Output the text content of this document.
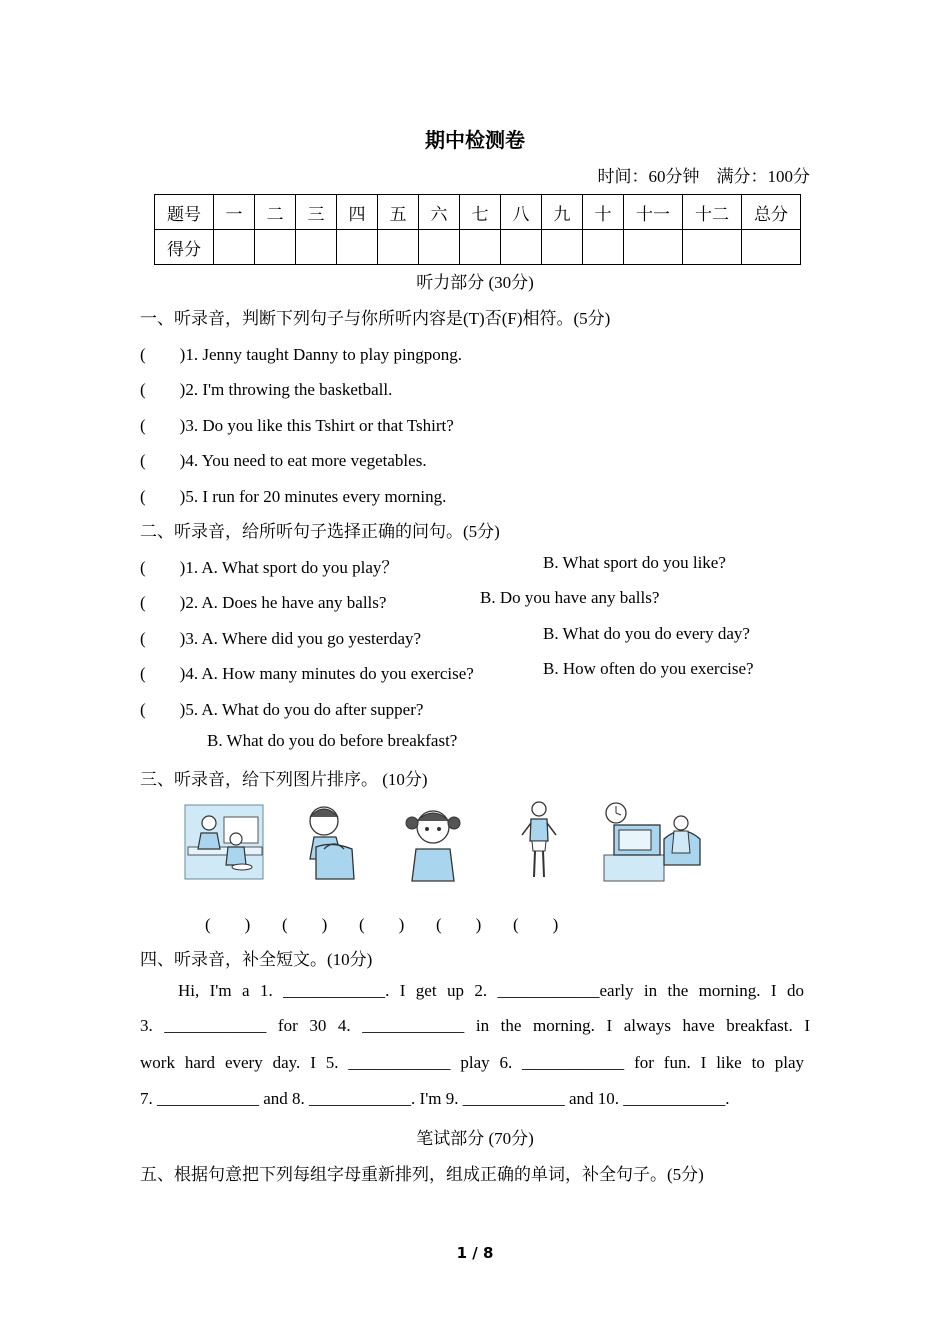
期中检测卷
时间：60分钟　满分：100分
题号	一	二	三	四	五	六	七	八	九	十	十一	十二	总分
得分													
听力部分 (30分)
一、听录音，判断下列句子与你所听内容是(T)否(F)相符。(5分)
(　　)1. Jenny taught Danny to play pingpong.
(　　)2. I'm throwing the basketball.
(　　)3. Do you like this Tshirt or that Tshirt?
(　　)4. You need to eat more vegetables.
(　　)5. I run for 20 minutes every morning.
二、听录音，给所听句子选择正确的问句。(5分)
(　　)1. A. What sport do you play？	B. What sport do you like?
(　　)2. A. Does he have any balls?	B. Do you have any balls?
(　　)3. A. Where did you go yesterday?	B. What do you do every day?
(　　)4. A. How many minutes do you exercise?	B. How often do you exercise?
(　　)5. A. What do you do after supper?
B. What do you do before breakfast?
三、听录音，给下列图片排序。 (10分)
(　　) (　　) (　　) (　　) (　　)
四、听录音，补全短文。(10分)
Hi, I'm a 1. ____________. I get up 2. ____________early in the morning. I do
3. ____________ for 30 4. ____________ in the morning. I always have breakfast. I
work hard every day. I 5. ____________ play 6. ____________ for fun. I like to play
7. ____________ and 8. ____________. I'm 9. ____________ and 10. ____________.
笔试部分 (70分)
五、根据句意把下列每组字母重新排列，组成正确的单词，补全句子。(5分)
1 / 8
